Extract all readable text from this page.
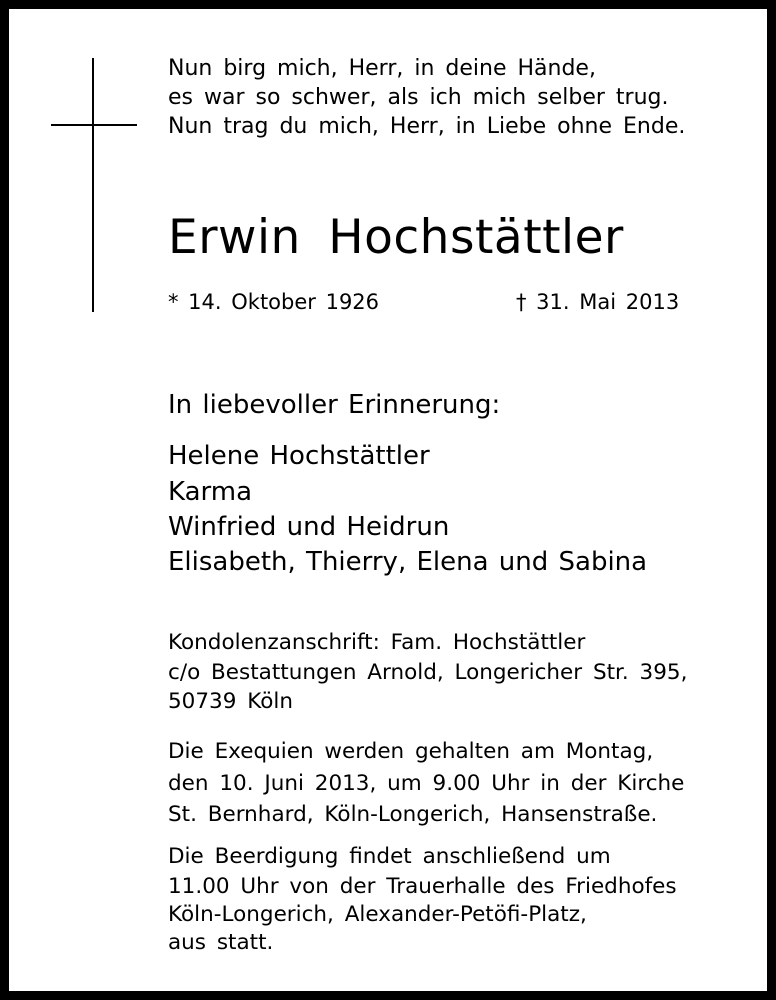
Nun birg mich, Herr, in deine Hände,
es war so schwer, als ich mich selber trug.
Nun trag du mich, Herr, in Liebe ohne Ende.
Erwin Hochstättler
* 14. Oktober 1926	† 31. Mai 2013
In liebevoller Erinnerung:
Helene Hochstättler
Karma
Winfried und Heidrun
Elisabeth, Thierry, Elena und Sabina
Kondolenzanschrift: Fam. Hochstättler
c/o Bestattungen Arnold, Longericher Str. 395,
50739 Köln
Die Exequien werden gehalten am Montag,
den 10. Juni 2013, um 9.00 Uhr in der Kirche
St. Bernhard, Köln-Longerich, Hansenstraße.
Die Beerdigung findet anschließend um
11.00 Uhr von der Trauerhalle des Friedhofes
Köln-Longerich, Alexander-Petöfi-Platz,
aus statt.
